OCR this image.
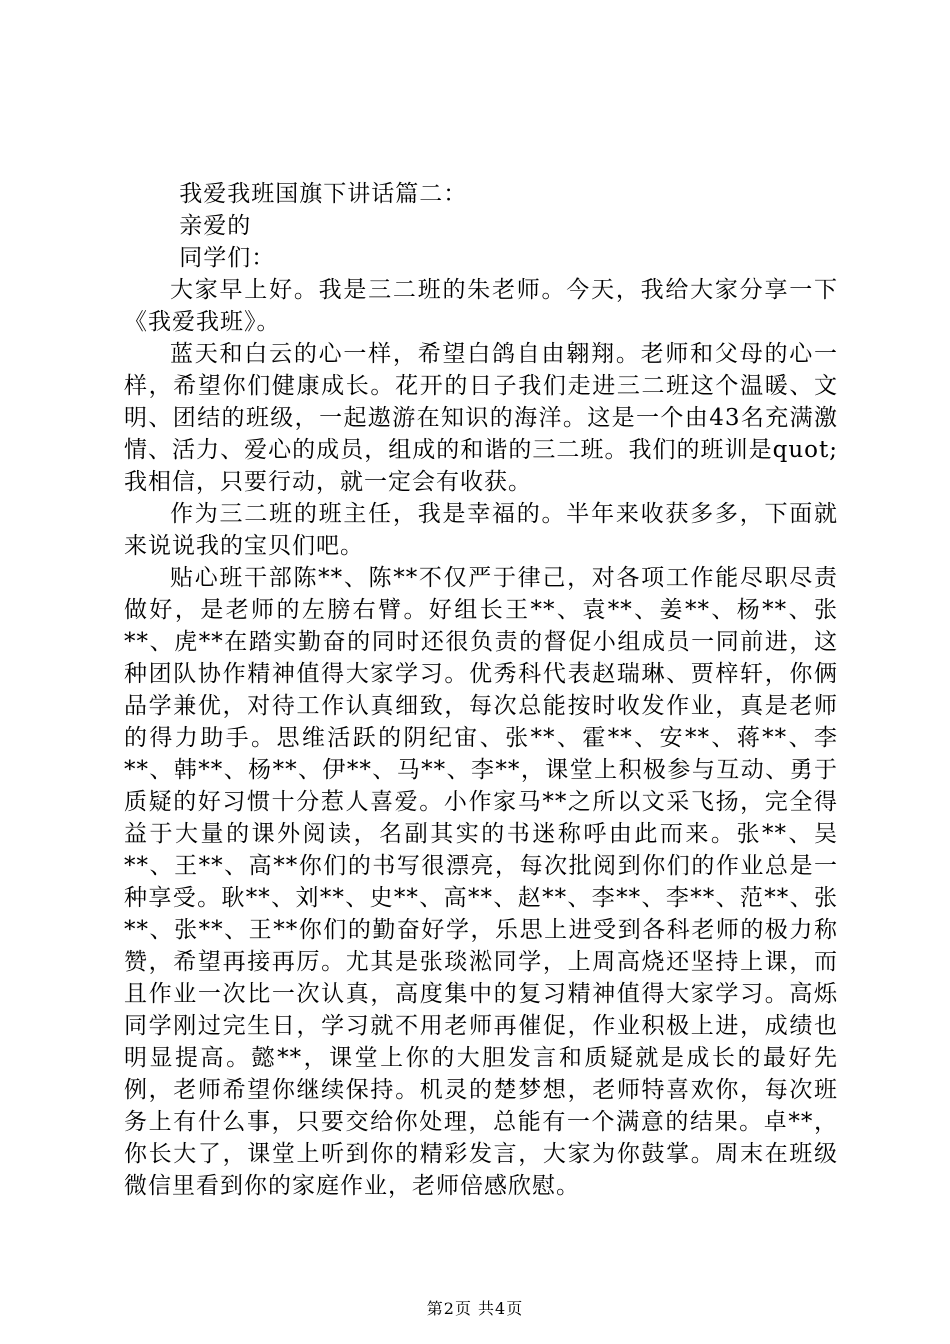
我爱我班国旗下讲话篇二：

亲爱的

同学们：

大家早上好。我是三二班的朱老师。今天，我给大家分享一下《我爱我班》。

蓝天和白云的心一样，希望白鸽自由翱翔。老师和父母的心一样，希望你们健康成长。花开的日子我们走进三二班这个温暖、文明、团结的班级，一起遨游在知识的海洋。这是一个由43名充满激情、活力、爱心的成员，组成的和谐的三二班。我们的班训是quot;我相信，只要行动，就一定会有收获。

作为三二班的班主任，我是幸福的。半年来收获多多，下面就来说说我的宝贝们吧。

贴心班干部陈**、陈**不仅严于律己，对各项工作能尽职尽责做好，是老师的左膀右臂。好组长王**、袁**、姜**、杨**、张**、虎**在踏实勤奋的同时还很负责的督促小组成员一同前进，这种团队协作精神值得大家学习。优秀科代表赵瑞琳、贾梓轩，你俩品学兼优，对待工作认真细致，每次总能按时收发作业，真是老师的得力助手。思维活跃的阴纪宙、张**、霍**、安**、蒋**、李**、韩**、杨**、伊**、马**、李**，课堂上积极参与互动、勇于质疑的好习惯十分惹人喜爱。小作家马**之所以文采飞扬，完全得益于大量的课外阅读，名副其实的书迷称呼由此而来。张**、吴**、王**、高**你们的书写很漂亮，每次批阅到你们的作业总是一种享受。耿**、刘**、史**、高**、赵**、李**、李**、范**、张**、张**、王**你们的勤奋好学，乐思上进受到各科老师的极力称赞，希望再接再厉。尤其是张琰淞同学，上周高烧还坚持上课，而且作业一次比一次认真，高度集中的复习精神值得大家学习。高烁同学刚过完生日，学习就不用老师再催促，作业积极上进，成绩也明显提高。懿**，课堂上你的大胆发言和质疑就是成长的最好先例，老师希望你继续保持。机灵的楚梦想，老师特喜欢你，每次班务上有什么事，只要交给你处理，总能有一个满意的结果。卓**，你长大了，课堂上听到你的精彩发言，大家为你鼓掌。周末在班级微信里看到你的家庭作业，老师倍感欣慰。

第2页 共4页
